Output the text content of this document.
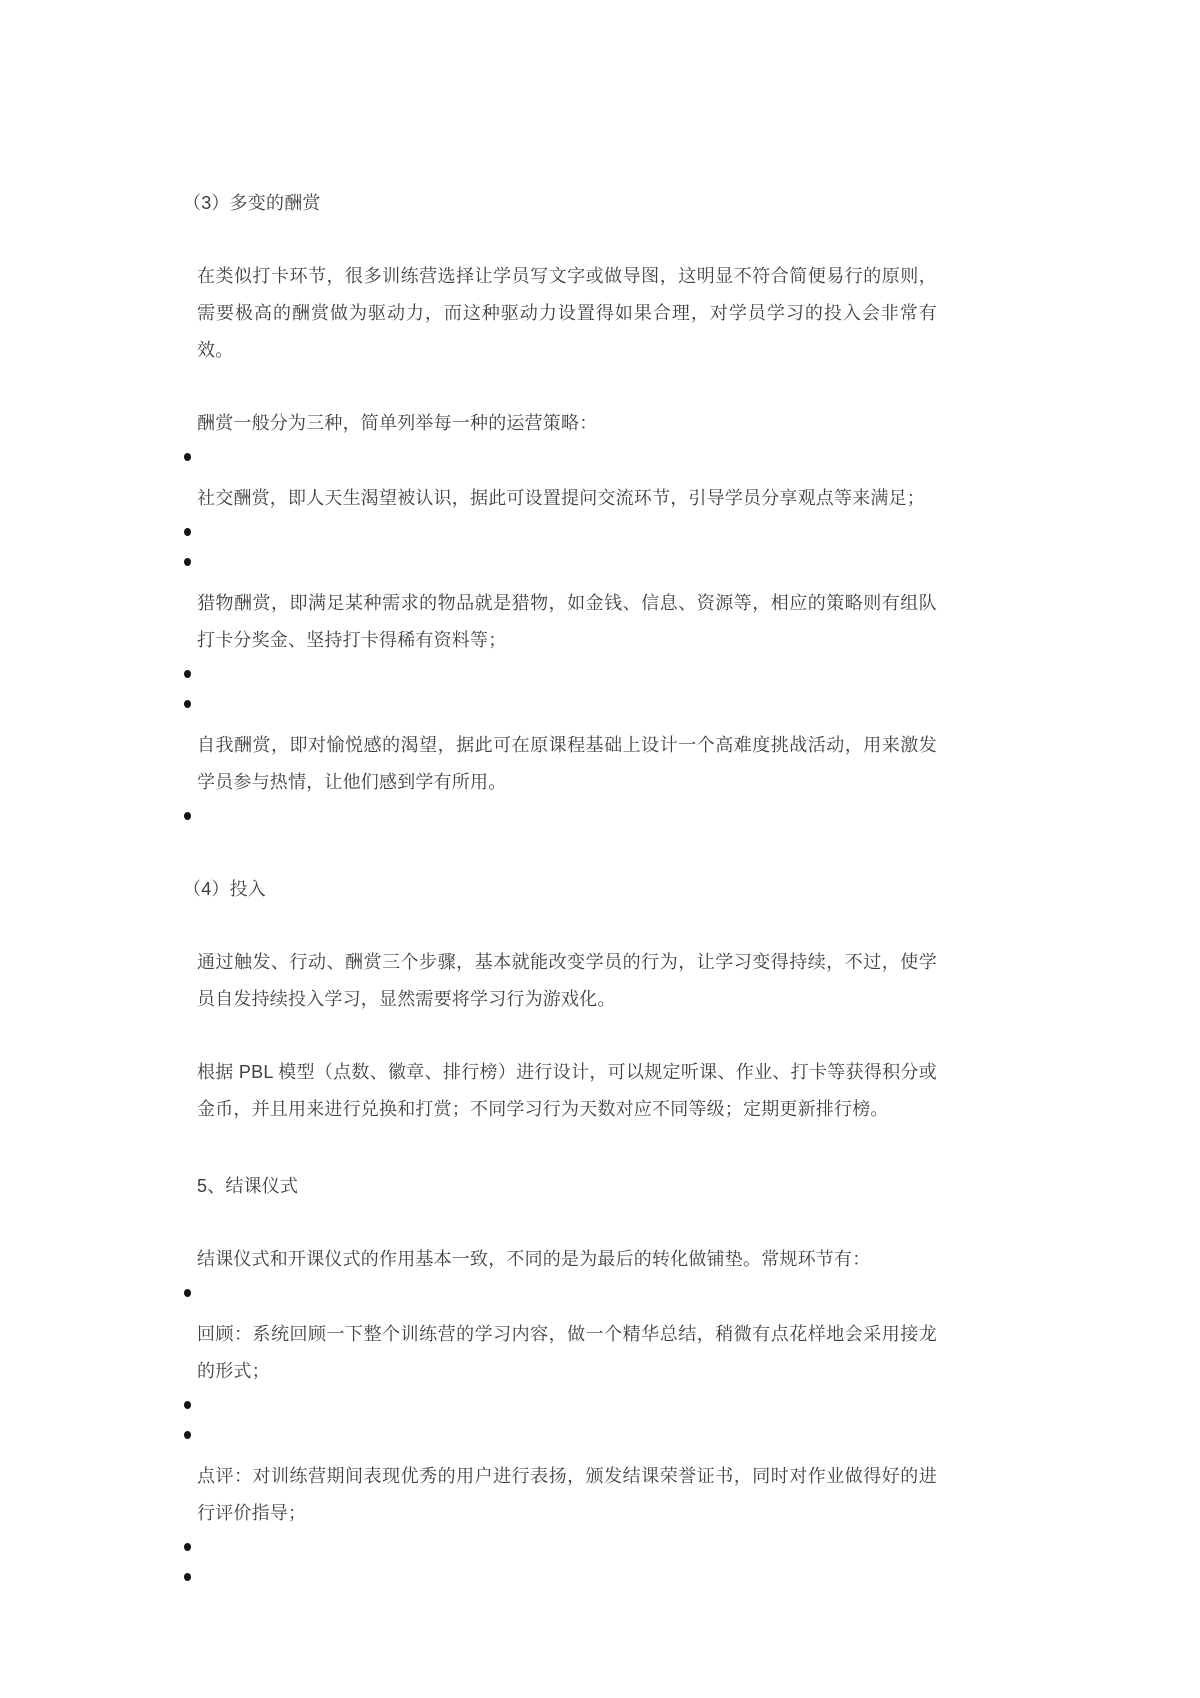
（3）多变的酬赏
在类似打卡环节，很多训练营选择让学员写文字或做导图，这明显不符合简便易行的原则，需要极高的酬赏做为驱动力，而这种驱动力设置得如果合理，对学员学习的投入会非常有效。
酬赏一般分为三种，简单列举每一种的运营策略：
社交酬赏，即人天生渴望被认识，据此可设置提问交流环节，引导学员分享观点等来满足；
猎物酬赏，即满足某种需求的物品就是猎物，如金钱、信息、资源等，相应的策略则有组队打卡分奖金、坚持打卡得稀有资料等；
自我酬赏，即对愉悦感的渴望，据此可在原课程基础上设计一个高难度挑战活动，用来激发学员参与热情，让他们感到学有所用。
（4）投入
通过触发、行动、酬赏三个步骤，基本就能改变学员的行为，让学习变得持续，不过，使学员自发持续投入学习，显然需要将学习行为游戏化。
根据 PBL 模型（点数、徽章、排行榜）进行设计，可以规定听课、作业、打卡等获得积分或金币，并且用来进行兑换和打赏；不同学习行为天数对应不同等级；定期更新排行榜。
5、结课仪式
结课仪式和开课仪式的作用基本一致，不同的是为最后的转化做铺垫。常规环节有：
回顾：系统回顾一下整个训练营的学习内容，做一个精华总结，稍微有点花样地会采用接龙的形式；
点评：对训练营期间表现优秀的用户进行表扬，颁发结课荣誉证书，同时对作业做得好的进行评价指导；
